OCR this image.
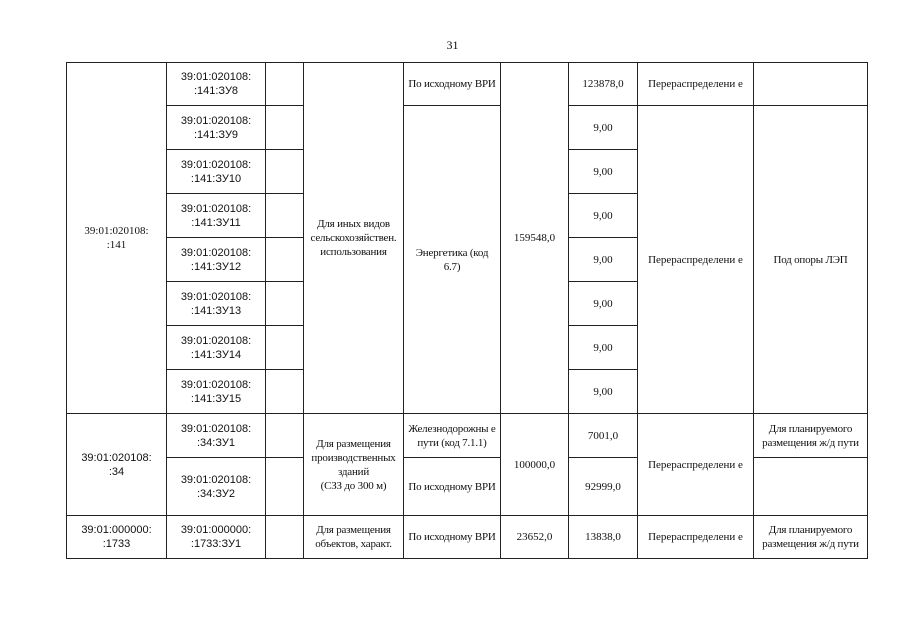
31
39:01:020108:
:141	39:01:020108:
:141:ЗУ8		Для иных видов сельскохозяйствен. использования	По исходному ВРИ	159548,0	123878,0	Перераспределени е	
	39:01:020108:
:141:ЗУ9			Энергетика (код 6.7)		9,00	Перераспределени е	Под опоры ЛЭП
	39:01:020108:
:141:ЗУ10					9,00		
	39:01:020108:
:141:ЗУ11					9,00		
	39:01:020108:
:141:ЗУ12					9,00		
	39:01:020108:
:141:ЗУ13					9,00		
	39:01:020108:
:141:ЗУ14					9,00		
	39:01:020108:
:141:ЗУ15					9,00		
39:01:020108:
:34	39:01:020108:
:34:ЗУ1		Для размещения производственных зданий
(СЗЗ до 300 м)	Железнодорожны е пути (код 7.1.1)	100000,0	7001,0	Перераспределени е	Для планируемого размещения ж/д пути
	39:01:020108:
:34:ЗУ2			По исходному ВРИ		92999,0		
39:01:000000:
:1733	39:01:000000:
:1733:ЗУ1		Для размещения объектов, характ.	По исходному ВРИ	23652,0	13838,0	Перераспределени е	Для планируемого размещения ж/д пути
